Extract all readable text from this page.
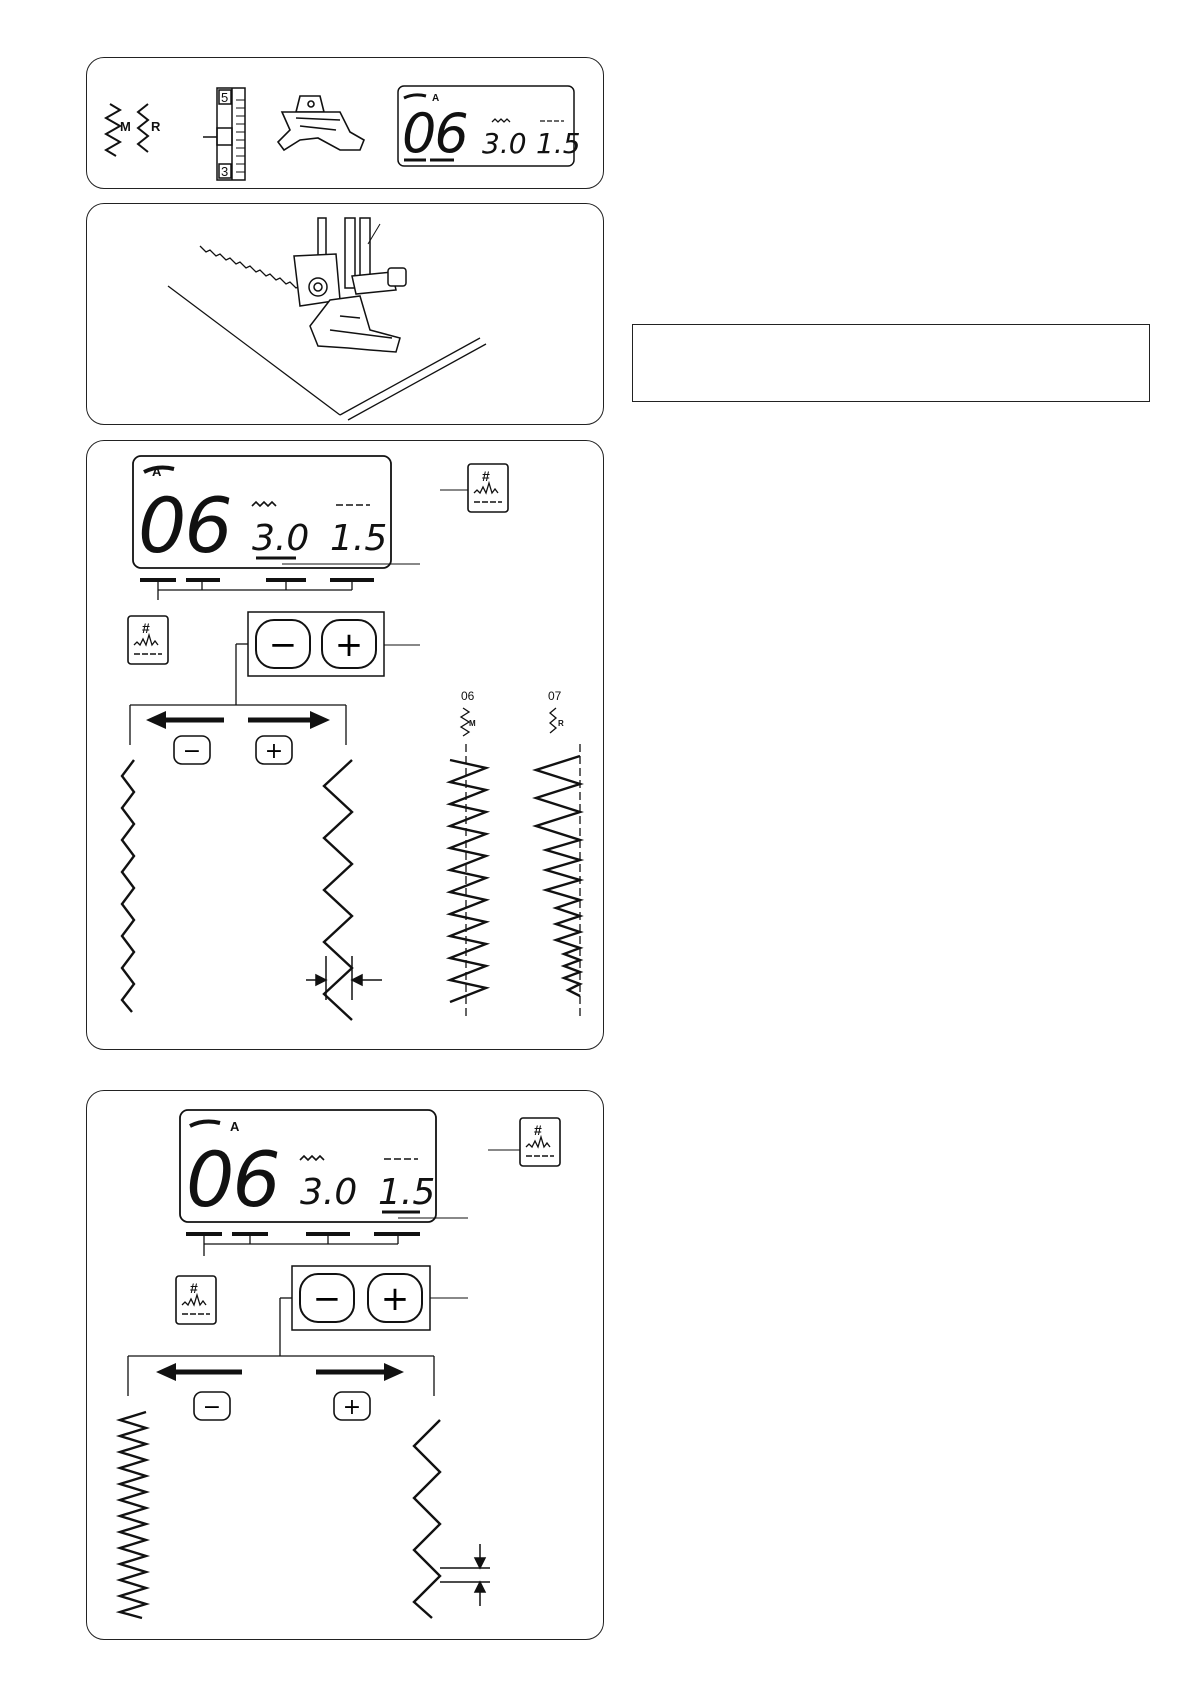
M R
5
3
A
06 3.0 1.5
A
06 3.0 1.5
#
#	− +
−	+
06
M
07
R
A
06 3.0 1.5
#
#	− +
−	+
